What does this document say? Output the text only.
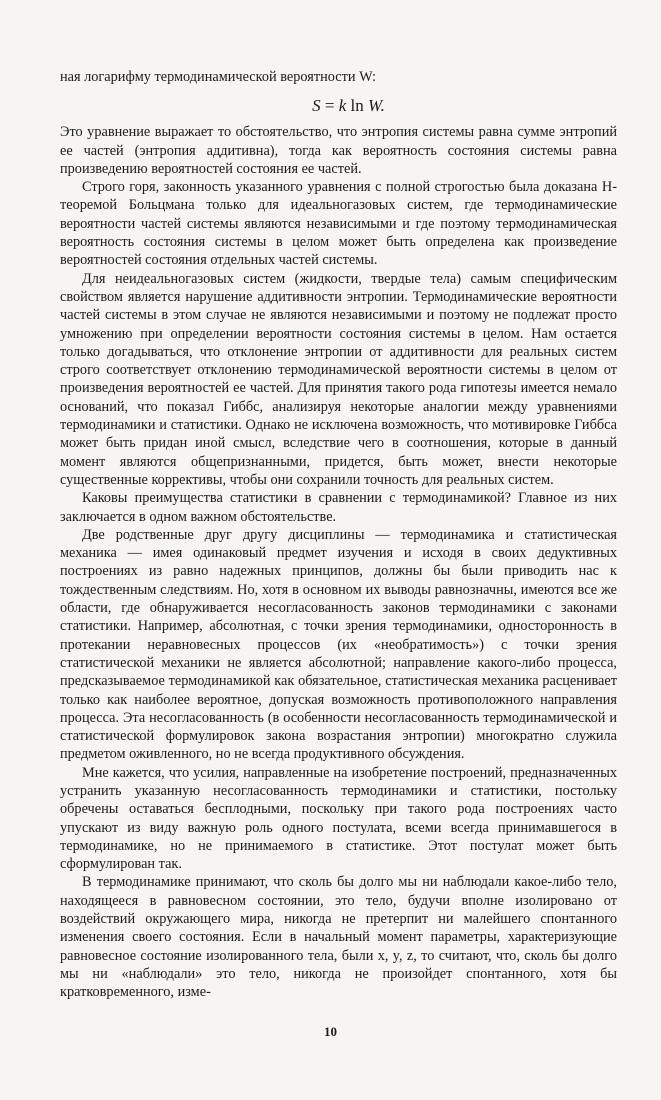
ная логарифму термодинамической вероятности W:

S = k ln W.

Это уравнение выражает то обстоятельство, что энтропия системы равна сумме энтропий ее частей (энтропия аддитивна), тогда как вероятность состояния системы равна произведению вероятностей состояния ее частей.

Строго горя, законность указанного уравнения с полной строгостью была доказана H-теоремой Больцмана только для идеальногазовых систем, где термодинамические вероятности частей системы являются независимыми и где поэтому термодинамическая вероятность состояния системы в целом может быть определена как произведение вероятностей состояния отдельных частей системы.

Для неидеальногазовых систем (жидкости, твердые тела) самым специфическим свойством является нарушение аддитивности энтропии. Термодинамические вероятности частей системы в этом случае не являются независимыми и поэтому не подлежат просто умножению при определении вероятности состояния системы в целом. Нам остается только догадываться, что отклонение энтропии от аддитивности для реальных систем строго соответствует отклонению термодинамической вероятности системы в целом от произведения вероятностей ее частей. Для принятия такого рода гипотезы имеется немало оснований, что показал Гиббс, анализируя некоторые аналогии между уравнениями термодинамики и статистики. Однако не исключена возможность, что мотивировке Гиббса может быть придан иной смысл, вследствие чего в соотношения, которые в данный момент являются общепризнанными, придется, быть может, внести некоторые существенные коррективы, чтобы они сохранили точность для реальных систем.

Каковы преимущества статистики в сравнении с термодинамикой? Главное из них заключается в одном важном обстоятельстве.

Две родственные друг другу дисциплины — термодинамика и статистическая механика — имея одинаковый предмет изучения и исходя в своих дедуктивных построениях из равно надежных принципов, должны бы были приводить нас к тождественным следствиям. Но, хотя в основном их выводы равнозначны, имеются все же области, где обнаруживается несогласованность законов термодинамики с законами статистики. Например, абсолютная, с точки зрения термодинамики, односторонность в протекании неравновесных процессов (их «необратимость») с точки зрения статистической механики не является абсолютной; направление какого-либо процесса, предсказываемое термодинамикой как обязательное, статистическая механика расценивает только как наиболее вероятное, допуская возможность противоположного направления процесса. Эта несогласованность (в особенности несогласованность термодинамической и статистической формулировок закона возрастания энтропии) многократно служила предметом оживленного, но не всегда продуктивного обсуждения.

Мне кажется, что усилия, направленные на изобретение построений, предназначенных устранить указанную несогласованность термодинамики и статистики, постольку обречены оставаться бесплодными, поскольку при такого рода построениях часто упускают из виду важную роль одного постулата, всеми всегда принимавшегося в термодинамике, но не принимаемого в статистике. Этот постулат может быть сформулирован так.

В термодинамике принимают, что сколь бы долго мы ни наблюдали какое-либо тело, находящееся в равновесном состоянии, это тело, будучи вполне изолировано от воздействий окружающего мира, никогда не претерпит ни малейшего спонтанного изменения своего состояния. Если в начальный момент параметры, характеризующие равновесное состояние изолированного тела, были x, y, z, то считают, что, сколь бы долго мы ни «наблюдали» это тело, никогда не произойдет спонтанного, хотя бы кратковременного, изме-

10
